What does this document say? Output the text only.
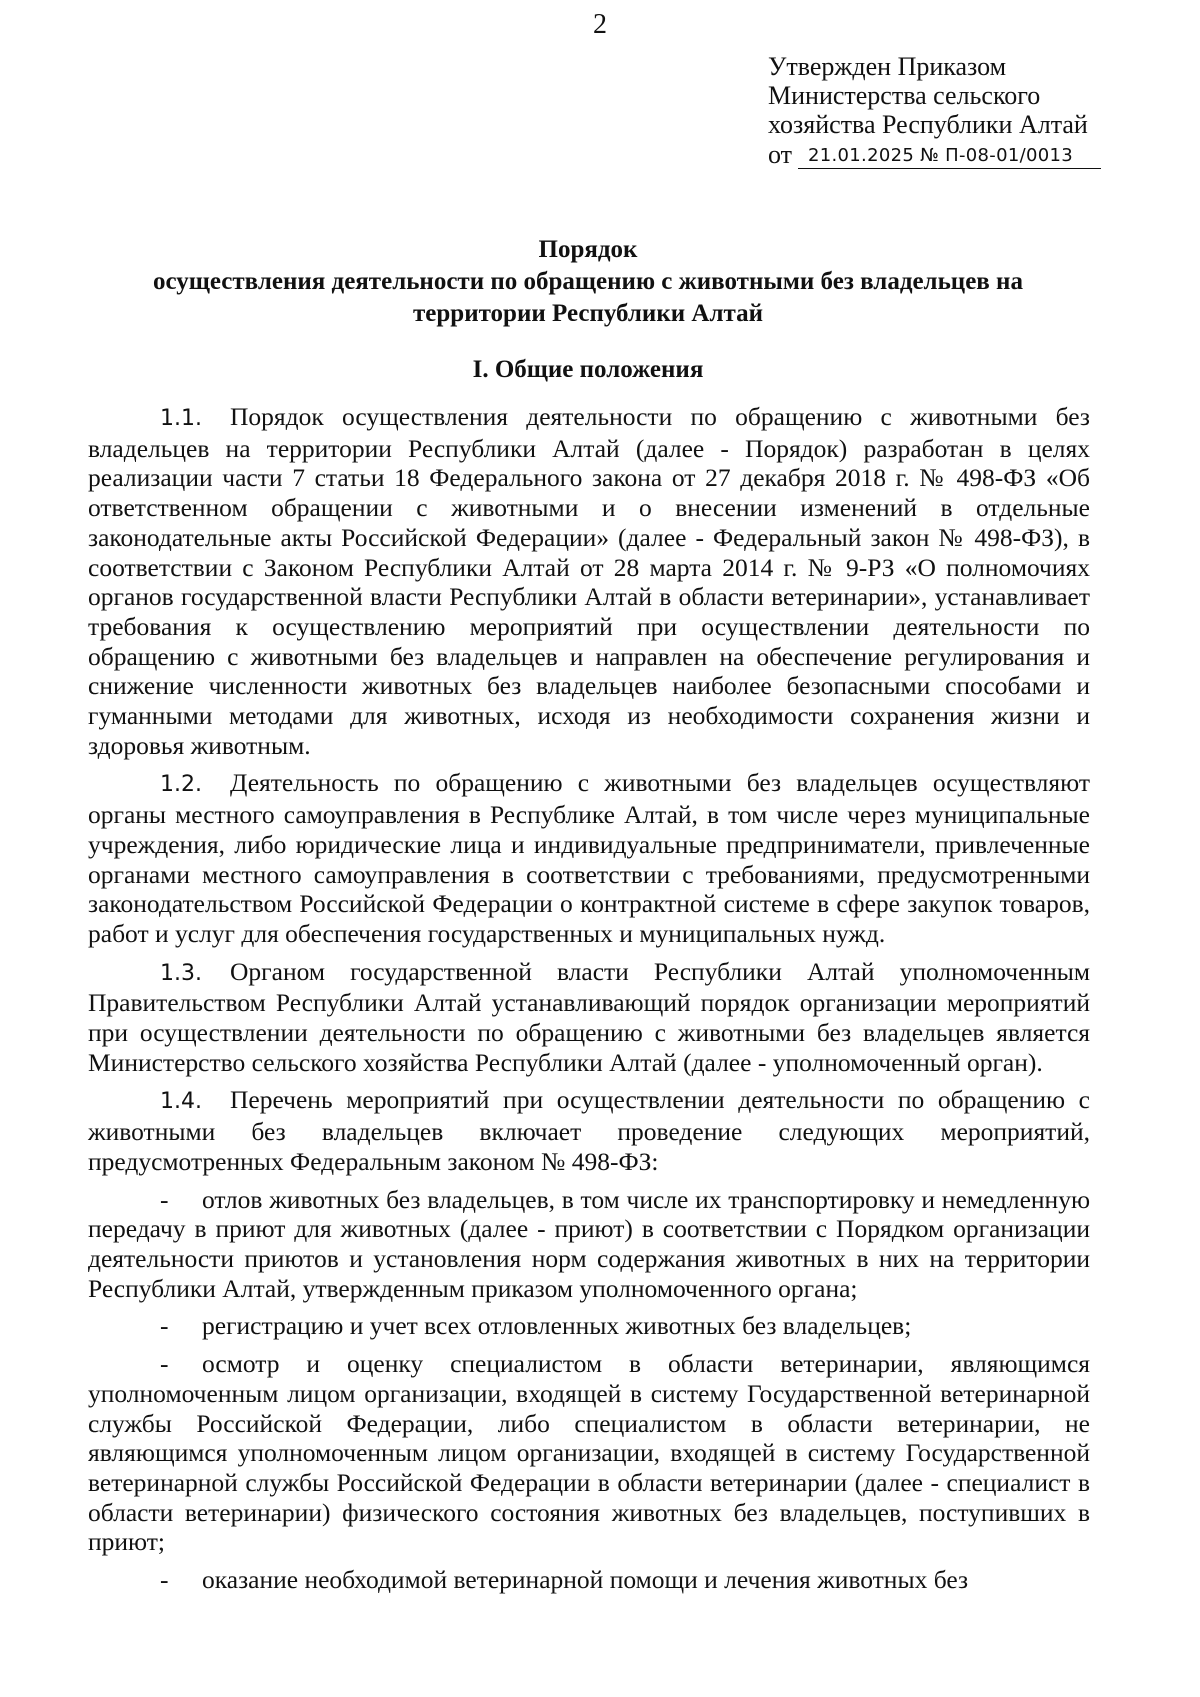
2
Утвержден Приказом
Министерства сельского
хозяйства Республики Алтай
от 21.01.2025 № П-08-01/0013
Порядок
осуществления деятельности по обращению с животными без владельцев на
территории Республики Алтай
I. Общие положения

1.1. Порядок осуществления деятельности по обращению с животными без владельцев на территории Республики Алтай (далее - Порядок) разработан в целях реализации части 7 статьи 18 Федерального закона от 27 декабря 2018 г. № 498-ФЗ «Об ответственном обращении с животными и о внесении изменений в отдельные законодательные акты Российской Федерации» (далее - Федеральный закон № 498-ФЗ), в соответствии с Законом Республики Алтай от 28 марта 2014 г. № 9-РЗ «О полномочиях органов государственной власти Республики Алтай в области ветеринарии», устанавливает требования к осуществлению мероприятий при осуществлении деятельности по обращению с животными без владельцев и направлен на обеспечение регулирования и снижение численности животных без владельцев наиболее безопасными способами и гуманными методами для животных, исходя из необходимости сохранения жизни и здоровья животным.

1.2. Деятельность по обращению с животными без владельцев осуществляют органы местного самоуправления в Республике Алтай, в том числе через муниципальные учреждения, либо юридические лица и индивидуальные предприниматели, привлеченные органами местного самоуправления в соответствии с требованиями, предусмотренными законодательством Российской Федерации о контрактной системе в сфере закупок товаров, работ и услуг для обеспечения государственных и муниципальных нужд.

1.3. Органом государственной власти Республики Алтай уполномоченным Правительством Республики Алтай устанавливающий порядок организации мероприятий при осуществлении деятельности по обращению с животными без владельцев является Министерство сельского хозяйства Республики Алтай (далее - уполномоченный орган).

1.4. Перечень мероприятий при осуществлении деятельности по обращению с животными без владельцев включает проведение следующих мероприятий, предусмотренных Федеральным законом № 498-ФЗ:

- отлов животных без владельцев, в том числе их транспортировку и немедленную передачу в приют для животных (далее - приют) в соответствии с Порядком организации деятельности приютов и установления норм содержания животных в них на территории Республики Алтай, утвержденным приказом уполномоченного органа;

- регистрацию и учет всех отловленных животных без владельцев;

- осмотр и оценку специалистом в области ветеринарии, являющимся уполномоченным лицом организации, входящей в систему Государственной ветеринарной службы Российской Федерации, либо специалистом в области ветеринарии, не являющимся уполномоченным лицом организации, входящей в систему Государственной ветеринарной службы Российской Федерации в области ветеринарии (далее - специалист в области ветеринарии) физического состояния животных без владельцев, поступивших в приют;

- оказание необходимой ветеринарной помощи и лечения животных без
